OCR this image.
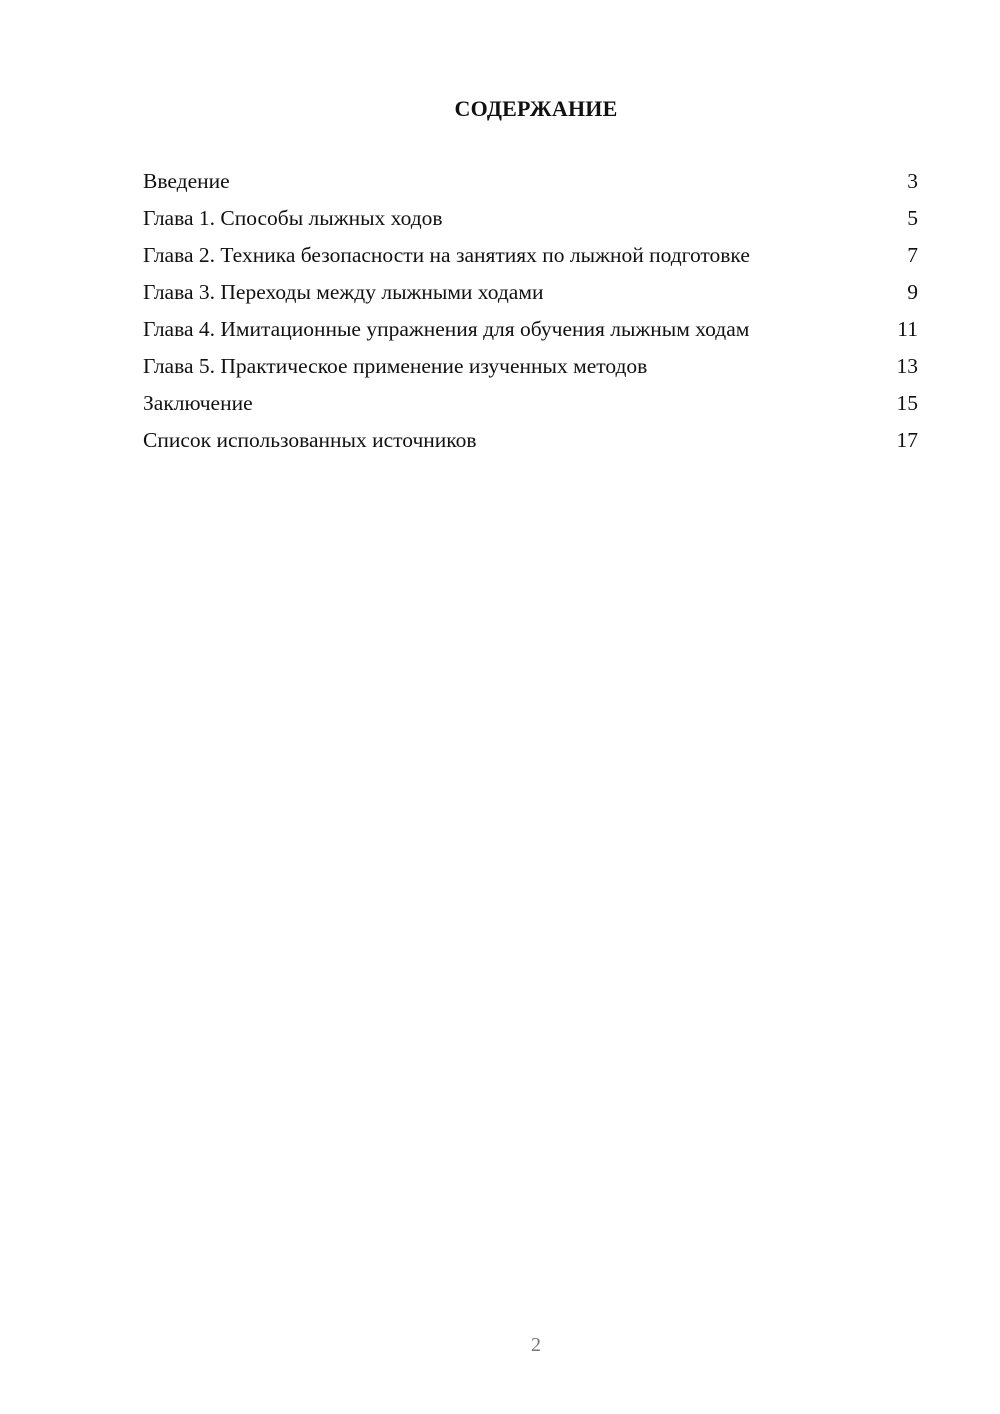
СОДЕРЖАНИЕ
Введение	3
Глава 1. Способы лыжных ходов	5
Глава 2. Техника безопасности на занятиях по лыжной подготовке	7
Глава 3. Переходы между лыжными ходами	9
Глава 4. Имитационные упражнения для обучения лыжным ходам	11
Глава 5. Практическое применение изученных методов	13
Заключение	15
Список использованных источников	17
2
